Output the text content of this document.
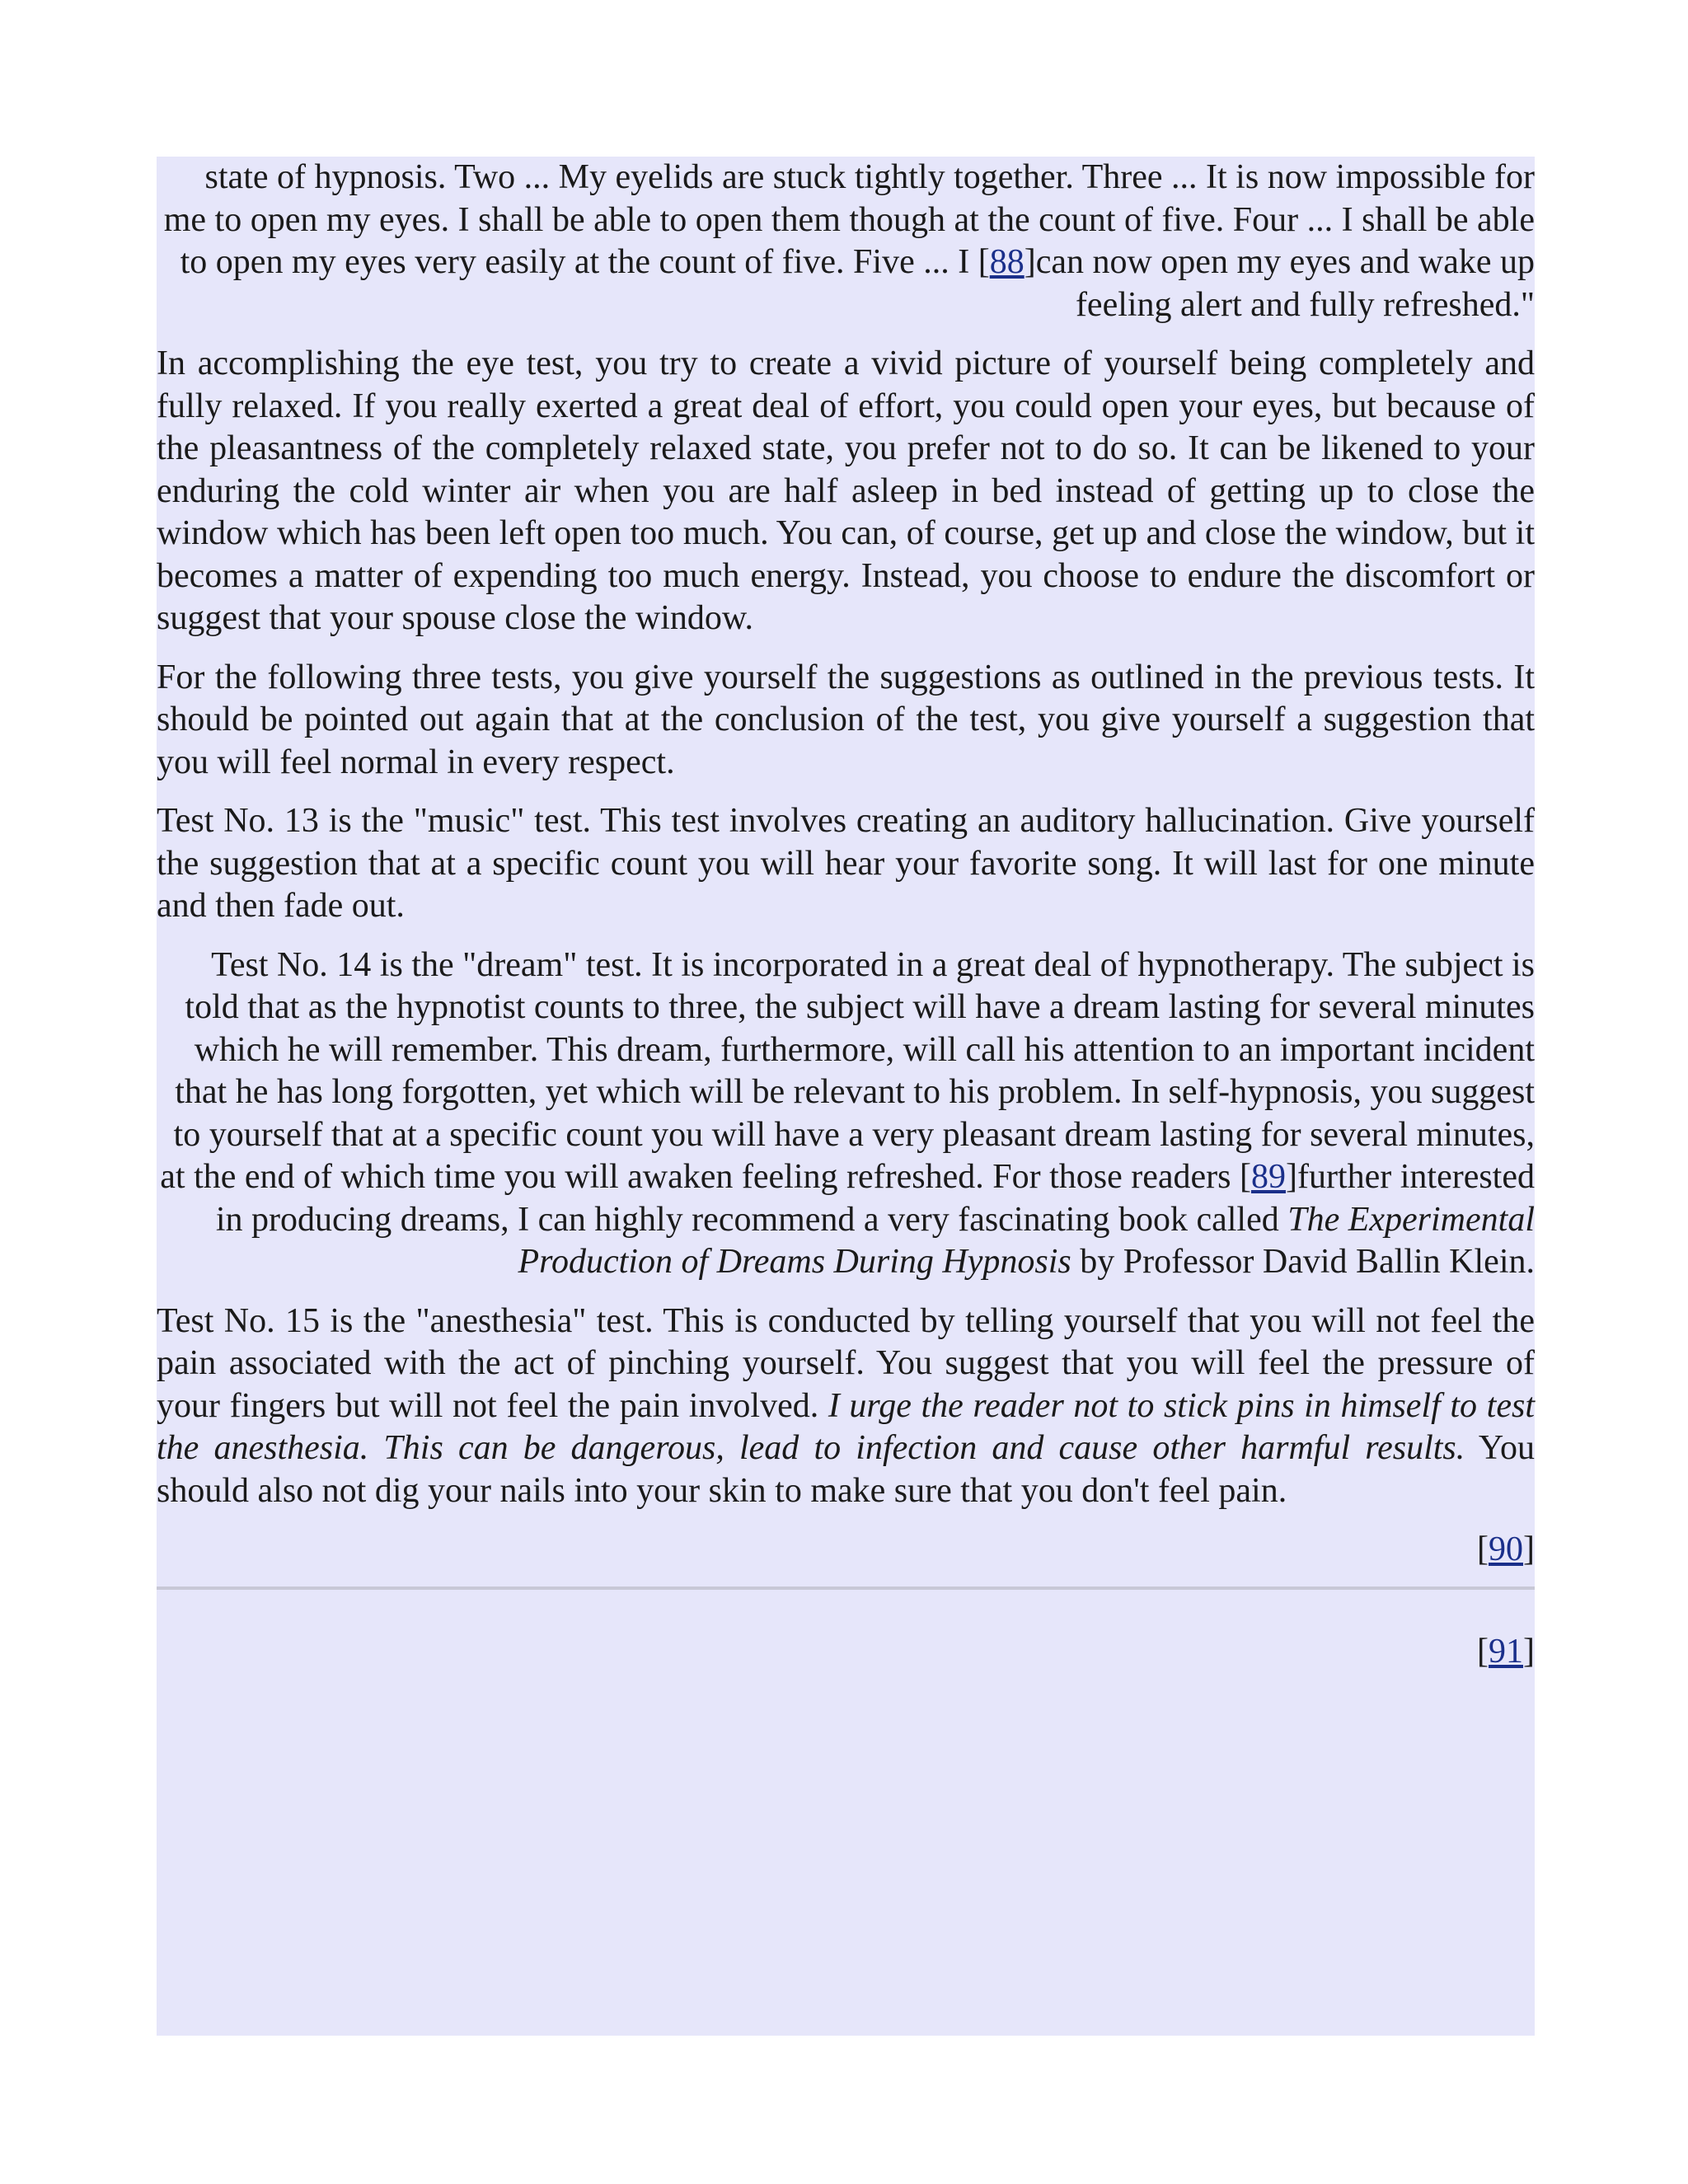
state of hypnosis. Two ... My eyelids are stuck tightly together. Three ... It is now impossible for me to open my eyes. I shall be able to open them though at the count of five. Four ... I shall be able to open my eyes very easily at the count of five. Five ... I [88]can now open my eyes and wake up feeling alert and fully refreshed."

In accomplishing the eye test, you try to create a vivid picture of yourself being completely and fully relaxed. If you really exerted a great deal of effort, you could open your eyes, but because of the pleasantness of the completely relaxed state, you prefer not to do so. It can be likened to your enduring the cold winter air when you are half asleep in bed instead of getting up to close the window which has been left open too much. You can, of course, get up and close the window, but it becomes a matter of expending too much energy. Instead, you choose to endure the discomfort or suggest that your spouse close the window.

For the following three tests, you give yourself the suggestions as outlined in the previous tests. It should be pointed out again that at the conclusion of the test, you give yourself a suggestion that you will feel normal in every respect.

Test No. 13 is the "music" test. This test involves creating an auditory hallucination. Give yourself the suggestion that at a specific count you will hear your favorite song. It will last for one minute and then fade out.

Test No. 14 is the "dream" test. It is incorporated in a great deal of hypnotherapy. The subject is told that as the hypnotist counts to three, the subject will have a dream lasting for several minutes which he will remember. This dream, furthermore, will call his attention to an important incident that he has long forgotten, yet which will be relevant to his problem. In self-hypnosis, you suggest to yourself that at a specific count you will have a very pleasant dream lasting for several minutes, at the end of which time you will awaken feeling refreshed. For those readers [89]further interested in producing dreams, I can highly recommend a very fascinating book called The Experimental Production of Dreams During Hypnosis by Professor David Ballin Klein.

Test No. 15 is the "anesthesia" test. This is conducted by telling yourself that you will not feel the pain associated with the act of pinching yourself. You suggest that you will feel the pressure of your fingers but will not feel the pain involved. I urge the reader not to stick pins in himself to test the anesthesia. This can be dangerous, lead to infection and cause other harmful results. You should also not dig your nails into your skin to make sure that you don't feel pain.

[90]
[91]
